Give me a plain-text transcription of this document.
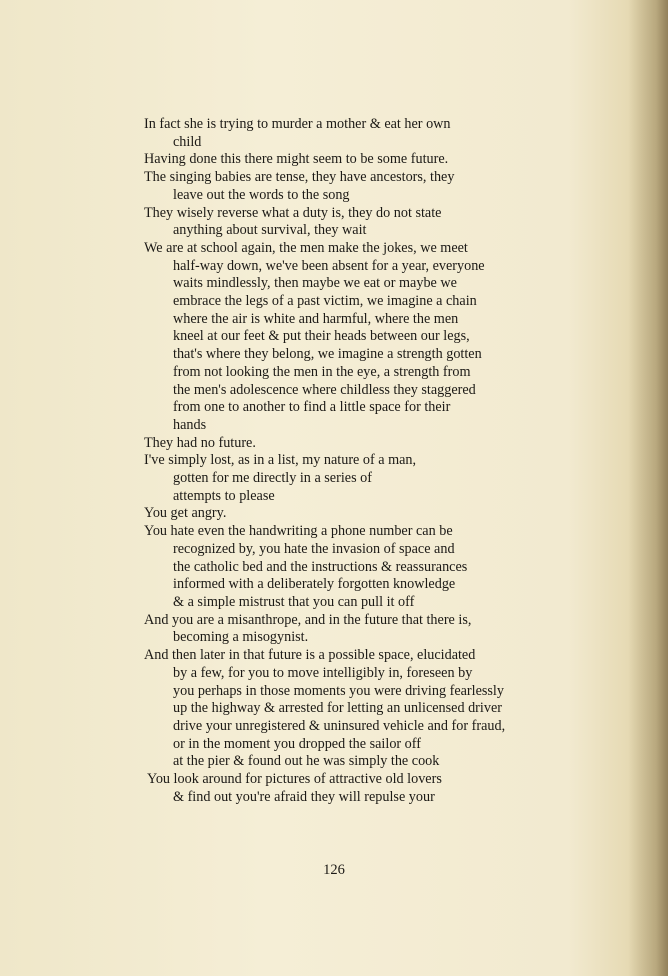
In fact she is trying to murder a mother & eat her own
child
Having done this there might seem to be some future.
The singing babies are tense, they have ancestors, they
leave out the words to the song
They wisely reverse what a duty is, they do not state
anything about survival, they wait
We are at school again, the men make the jokes, we meet
half-way down, we've been absent for a year, everyone
waits mindlessly, then maybe we eat or maybe we
embrace the legs of a past victim, we imagine a chain
where the air is white and harmful, where the men
kneel at our feet & put their heads between our legs,
that's where they belong, we imagine a strength gotten
from not looking the men in the eye, a strength from
the men's adolescence where childless they staggered
from one to another to find a little space for their
hands
They had no future.
I've simply lost, as in a list, my nature of a man,
gotten for me directly in a series of
attempts to please
You get angry.
You hate even the handwriting a phone number can be
recognized by, you hate the invasion of space and
the catholic bed and the instructions & reassurances
informed with a deliberately forgotten knowledge
& a simple mistrust that you can pull it off
And you are a misanthrope, and in the future that there is,
becoming a misogynist.
And then later in that future is a possible space, elucidated
by a few, for you to move intelligibly in, foreseen by
you perhaps in those moments you were driving fearlessly
up the highway & arrested for letting an unlicensed driver
drive your unregistered & uninsured vehicle and for fraud,
or in the moment you dropped the sailor off
at the pier & found out he was simply the cook
You look around for pictures of attractive old lovers
& find out you're afraid they will repulse your
126
